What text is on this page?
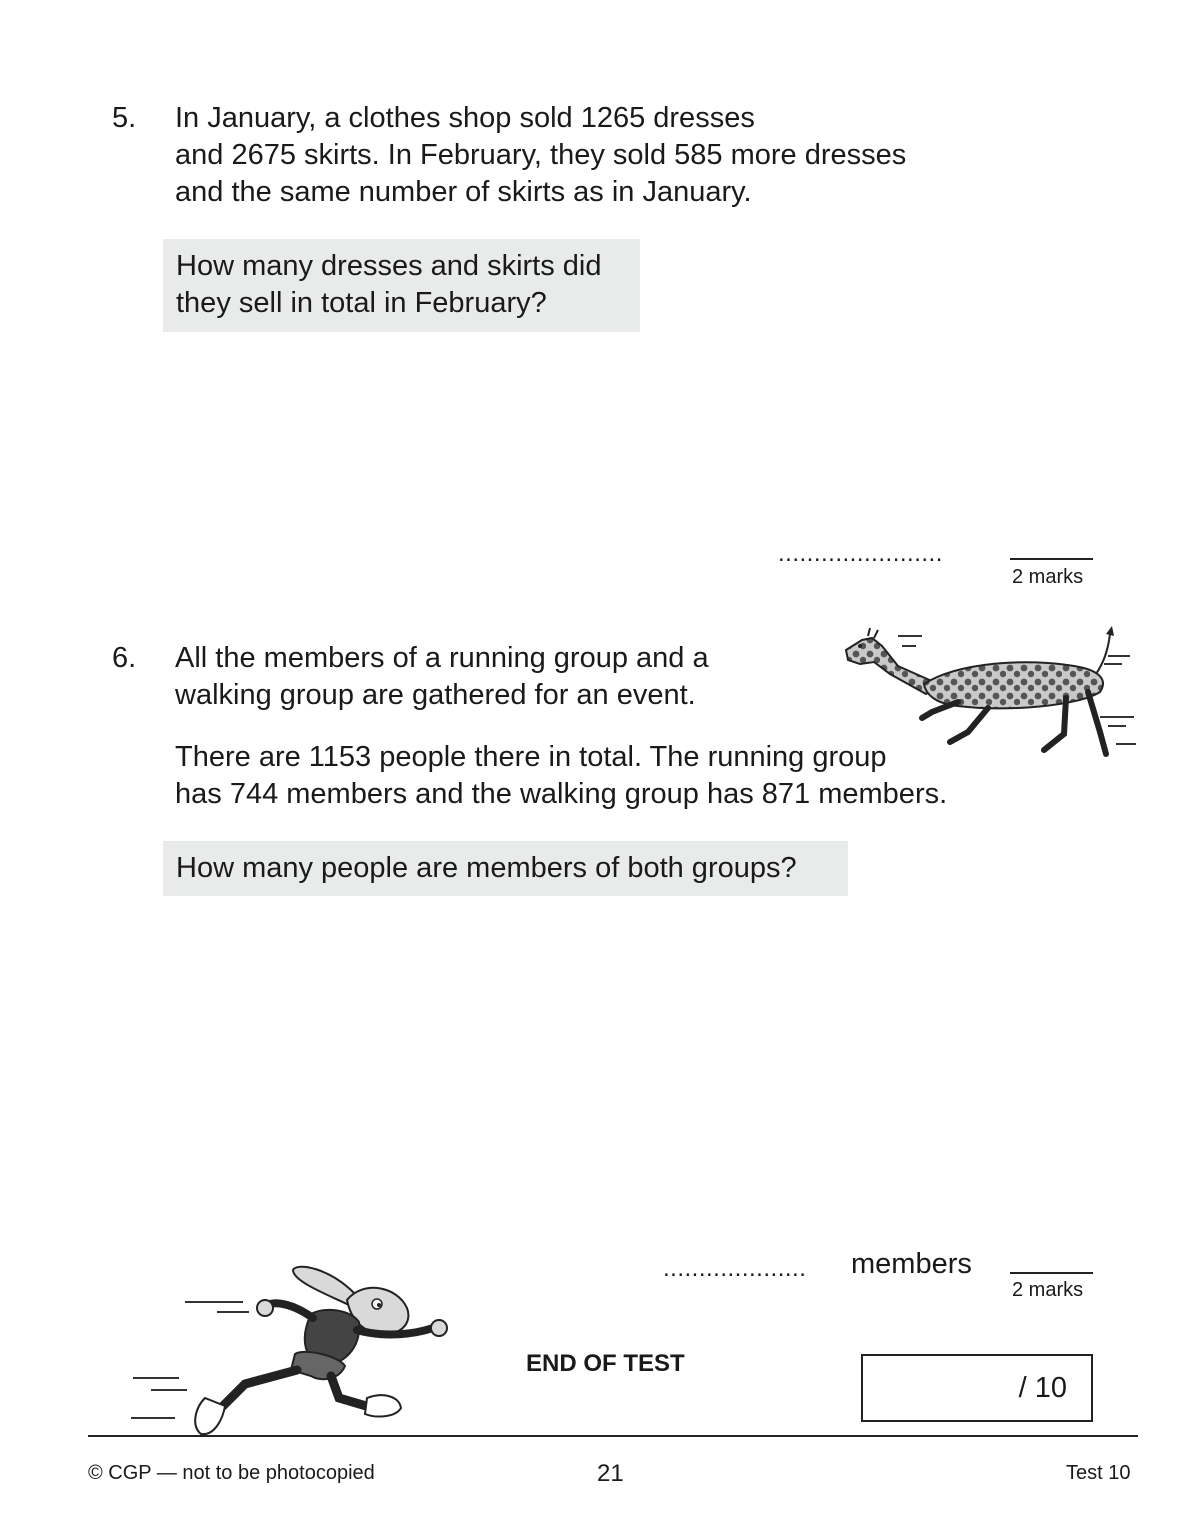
5. In January, a clothes shop sold 1265 dresses
and 2675 skirts. In February, they sold 585 more dresses
and the same number of skirts as in January.
How many dresses and skirts did
they sell in total in February?
.......................
2 marks
6. All the members of a running group and a
walking group are gathered for an event.
There are 1153 people there in total. The running group
has 744 members and the walking group has 871 members.
How many people are members of both groups?
.................... members
2 marks
END OF TEST
/ 10
© CGP — not to be photocopied	21	Test 10
